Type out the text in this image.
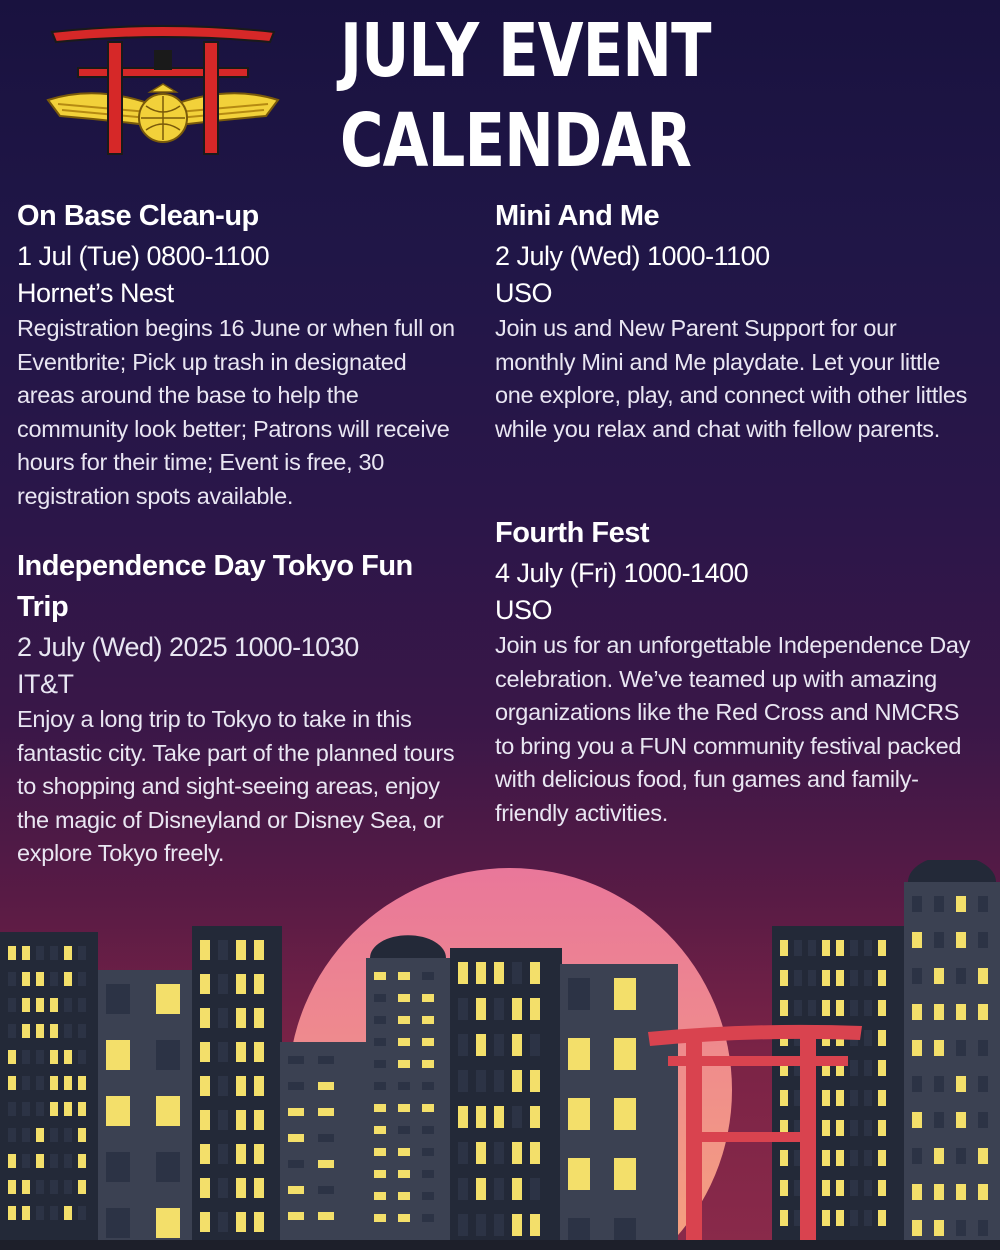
JULY EVENT
CALENDAR
On Base Clean-up
1 Jul (Tue) 0800-1100
Hornet’s Nest
Registration begins 16 June or when full on Eventbrite; Pick up trash in designated areas around the base to help the community look better; Patrons will receive hours for their time; Event is free, 30 registration spots available.
Independence Day Tokyo Fun Trip
2 July (Wed) 2025 1000-1030
IT&T
Enjoy a long trip to Tokyo to take in this fantastic city. Take part of the planned tours to shopping and sight-seeing areas, enjoy the magic of Disneyland or Disney Sea, or explore Tokyo freely.
Mini And Me
2 July (Wed) 1000-1100
USO
Join us and New Parent Support for our monthly Mini and Me playdate. Let your little one explore, play, and connect with other littles while you relax and chat with fellow parents.
Fourth Fest
4 July (Fri) 1000-1400
USO
Join us for an unforgettable Independence Day celebration. We’ve teamed up with amazing organizations like the Red Cross and NMCRS to bring you a FUN community festival packed with delicious food, fun games and family-friendly activities.
